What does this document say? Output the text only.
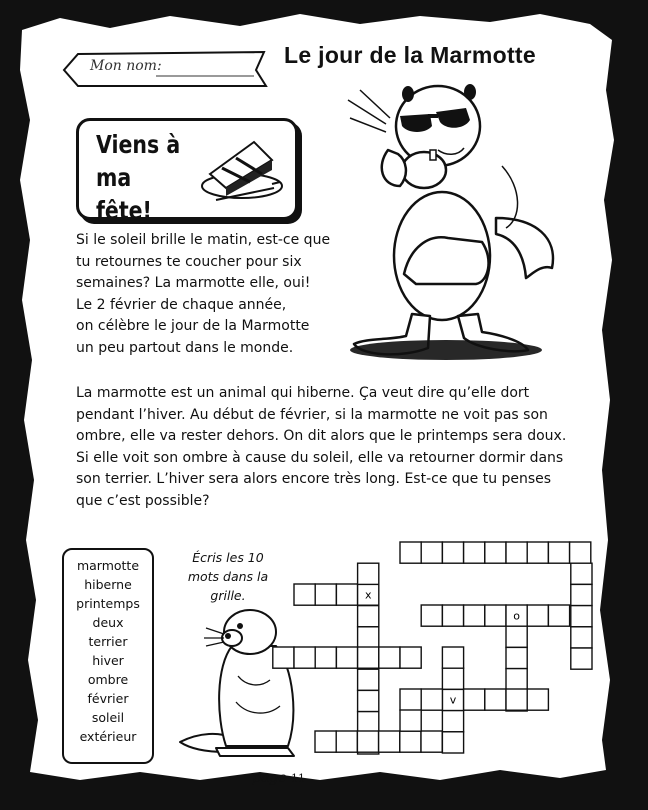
Mon nom:	Le jour de la Marmotte
Viens à
ma fête!
Si le soleil brille le matin, est-ce que
tu retournes te coucher pour six
semaines? La marmotte elle, oui!
Le 2 février de chaque année,
on célèbre le jour de la Marmotte
un peu partout dans le monde.
La marmotte est un animal qui hiberne. Ça veut dire qu’elle dort
pendant l’hiver. Au début de février, si la marmotte ne voit pas son
ombre, elle va rester dehors. On dit alors que le printemps sera doux.
Si elle voit son ombre à cause du soleil, elle va retourner dormir dans
son terrier. L’hiver sera alors encore très long. Est-ce que tu penses
que c’est possible?
marmotte
hiberne
printemps
deux
terrier
hiver
ombre
février
soleil
extérieur
Écris les 10
mots dans la
grille.	x
o
v
page 11
